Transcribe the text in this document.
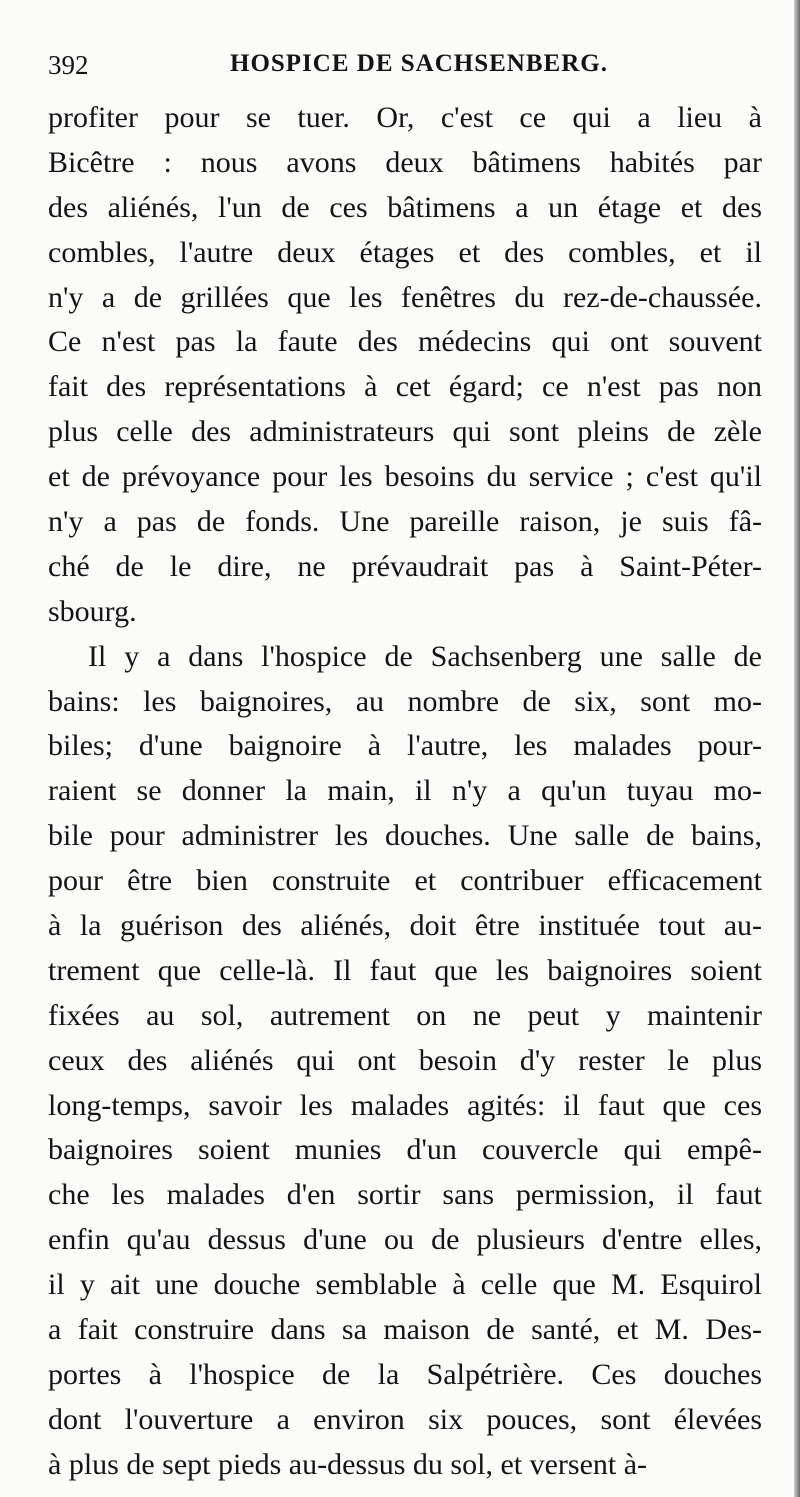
392	HOSPICE DE SACHSENBERG.
profiter pour se tuer. Or, c'est ce qui a lieu à
Bicêtre : nous avons deux bâtimens habités par
des aliénés, l'un de ces bâtimens a un étage et des
combles, l'autre deux étages et des combles, et il
n'y a de grillées que les fenêtres du rez-de-chaussée.
Ce n'est pas la faute des médecins qui ont souvent
fait des représentations à cet égard; ce n'est pas non
plus celle des administrateurs qui sont pleins de zèle
et de prévoyance pour les besoins du service ; c'est qu'il
n'y a pas de fonds. Une pareille raison, je suis fâ-
ché de le dire, ne prévaudrait pas à Saint-Péter-
sbourg.
Il y a dans l'hospice de Sachsenberg une salle de
bains: les baignoires, au nombre de six, sont mo-
biles; d'une baignoire à l'autre, les malades pour-
raient se donner la main, il n'y a qu'un tuyau mo-
bile pour administrer les douches. Une salle de bains,
pour être bien construite et contribuer efficacement
à la guérison des aliénés, doit être instituée tout au-
trement que celle-là. Il faut que les baignoires soient
fixées au sol, autrement on ne peut y maintenir
ceux des aliénés qui ont besoin d'y rester le plus
long-temps, savoir les malades agités: il faut que ces
baignoires soient munies d'un couvercle qui empê-
che les malades d'en sortir sans permission, il faut
enfin qu'au dessus d'une ou de plusieurs d'entre elles,
il y ait une douche semblable à celle que M. Esquirol
a fait construire dans sa maison de santé, et M. Des-
portes à l'hospice de la Salpétrière. Ces douches
dont l'ouverture a environ six pouces, sont élevées
à plus de sept pieds au-dessus du sol, et versent à-
